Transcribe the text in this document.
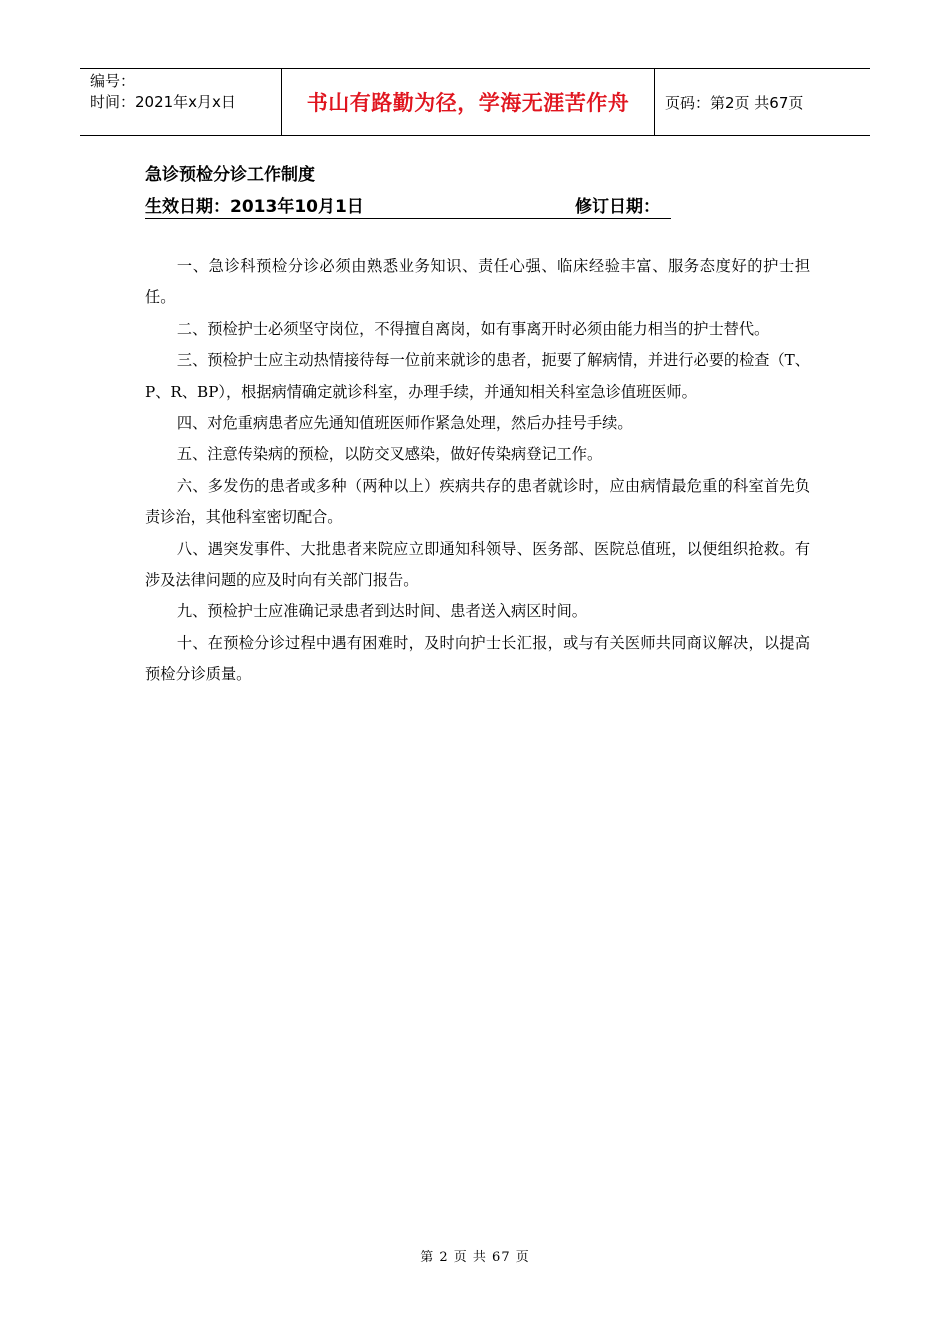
编号：
时间：2021年x月x日	书山有路勤为径，学海无涯苦作舟 页码：第2页 共67页
急诊预检分诊工作制度
生效日期：2013年10月1日	修订日期：

一、急诊科预检分诊必须由熟悉业务知识、责任心强、临床经验丰富、服务态度好的护士担任。

二、预检护士必须坚守岗位，不得擅自离岗，如有事离开时必须由能力相当的护士替代。

三、预检护士应主动热情接待每一位前来就诊的患者，扼要了解病情，并进行必要的检查（T、P、R、BP），根据病情确定就诊科室，办理手续，并通知相关科室急诊值班医师。

四、对危重病患者应先通知值班医师作紧急处理，然后办挂号手续。

五、注意传染病的预检，以防交叉感染，做好传染病登记工作。

六、多发伤的患者或多种（两种以上）疾病共存的患者就诊时，应由病情最危重的科室首先负责诊治，其他科室密切配合。

八、遇突发事件、大批患者来院应立即通知科领导、医务部、医院总值班，以便组织抢救。有涉及法律问题的应及时向有关部门报告。

九、预检护士应准确记录患者到达时间、患者送入病区时间。

十、在预检分诊过程中遇有困难时，及时向护士长汇报，或与有关医师共同商议解决，以提高预检分诊质量。

第 2 页 共 67 页
